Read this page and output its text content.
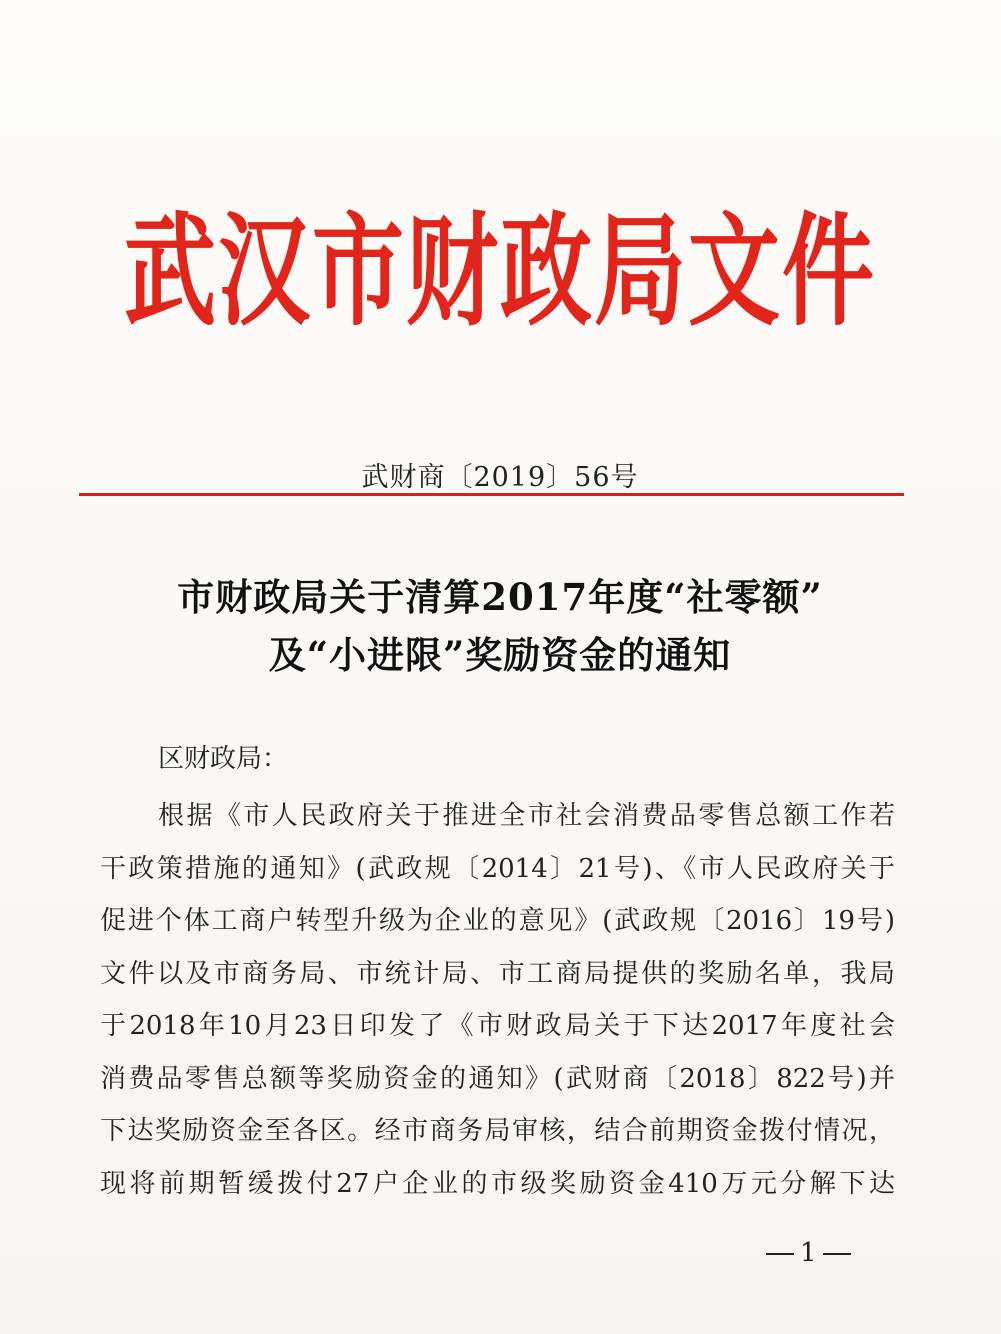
武汉市财政局文件
武财商〔2019〕56号
市财政局关于清算2017年度“社零额”
及“小进限”奖励资金的通知
区财政局：
根据《市人民政府关于推进全市社会消费品零售总额工作若
干政策措施的通知》(武政规〔2014〕21号)、《市人民政府关于
促进个体工商户转型升级为企业的意见》(武政规〔2016〕19号)
文件以及市商务局、市统计局、市工商局提供的奖励名单，我局
于2018年10月23日印发了《市财政局关于下达2017年度社会
消费品零售总额等奖励资金的通知》(武财商〔2018〕822号)并
下达奖励资金至各区。经市商务局审核，结合前期资金拨付情况，
现将前期暂缓拨付27户企业的市级奖励资金410万元分解下达
1
